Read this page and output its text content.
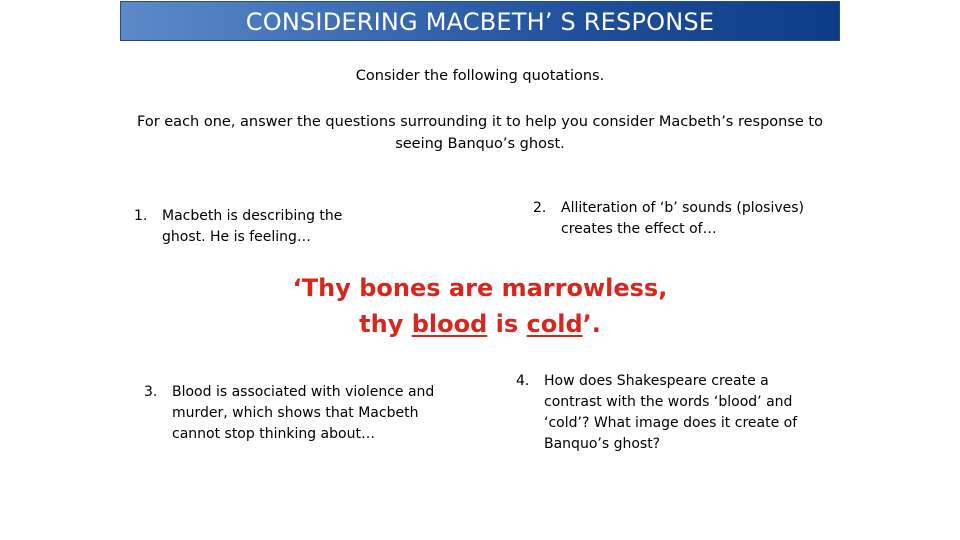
CONSIDERING MACBETH’ S RESPONSE
Consider the following quotations.
For each one, answer the questions surrounding it to help you consider Macbeth’s response to seeing Banquo’s ghost.
1.	Macbeth is describing the ghost. He is feeling…
2.	Alliteration of ‘b’ sounds (plosives) creates the effect of…
‘Thy bones are marrowless,
thy blood is cold’.
3.	Blood is associated with violence and murder, which shows that Macbeth cannot stop thinking about…
4.	How does Shakespeare create a contrast with the words ‘blood’ and ‘cold’? What image does it create of Banquo’s ghost?
